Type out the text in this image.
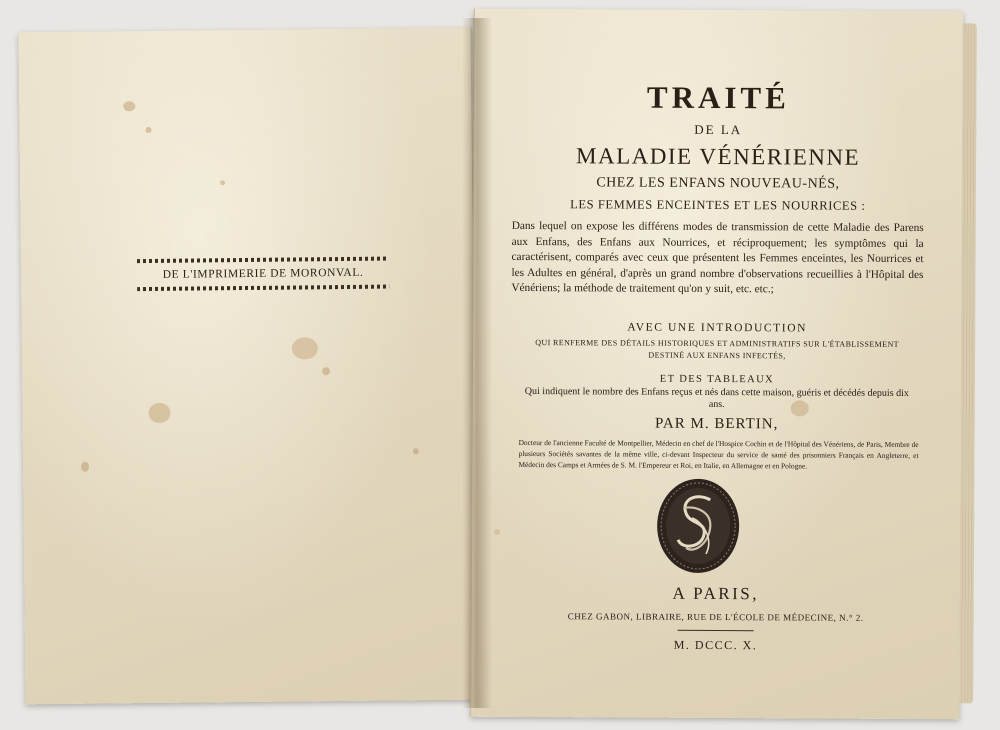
DE L'IMPRIMERIE DE MORONVAL.
TRAITÉ
DE LA
MALADIE VÉNÉRIENNE
CHEZ LES ENFANS NOUVEAU-NÉS,
LES FEMMES ENCEINTES ET LES NOURRICES :
Dans lequel on expose les différens modes de transmission de cette Maladie des Parens aux Enfans, des Enfans aux Nourrices, et réciproquement; les symptômes qui la caractérisent, comparés avec ceux que présentent les Femmes enceintes, les Nourrices et les Adultes en général, d'après un grand nombre d'observations recueillies à l'Hôpital des Vénériens; la méthode de traitement qu'on y suit, etc. etc.;
AVEC UNE INTRODUCTION
QUI RENFERME DES DÉTAILS HISTORIQUES ET ADMINISTRATIFS SUR L'ÉTABLISSEMENT DESTINÉ AUX ENFANS INFECTÉS,
ET DES TABLEAUX
Qui indiquent le nombre des Enfans reçus et nés dans cette maison, guéris et décédés depuis dix ans.
PAR M. BERTIN,
Docteur de l'ancienne Faculté de Montpellier, Médecin en chef de l'Hospice Cochin et de l'Hôpital des Vénériens, de Paris, Membre de plusieurs Sociétés savantes de la même ville, ci-devant Inspecteur du service de santé des prisonniers Français en Angleterre, et Médecin des Camps et Armées de S. M. l'Empereur et Roi, en Italie, en Allemagne et en Pologne.
A PARIS,
CHEZ GABON, LIBRAIRE, RUE DE L'ÉCOLE DE MÉDECINE, N.° 2.
M. DCCC. X.
